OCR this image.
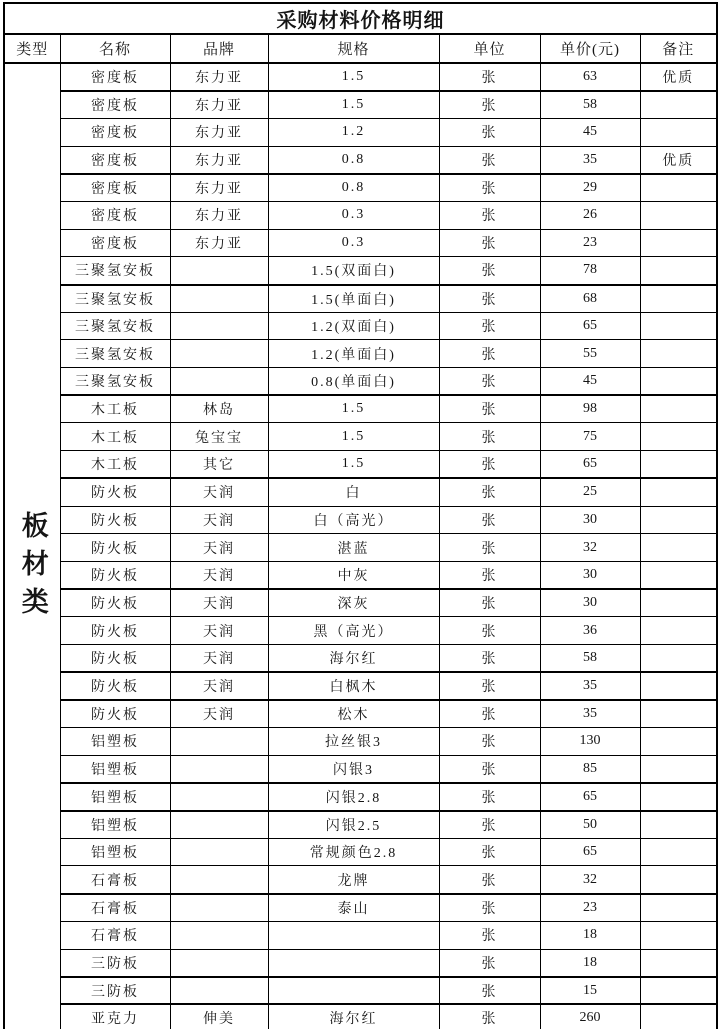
采购材料价格明细						
类型	名称	品牌	规格	单位	单价(元)	备注

板材类	密度板	东力亚	1.5	张	63	优质
	密度板	东力亚	1.5	张	58	
	密度板	东力亚	1.2	张	45	
	密度板	东力亚	0.8	张	35	优质
	密度板	东力亚	0.8	张	29	
	密度板	东力亚	0.3	张	26	
	密度板	东力亚	0.3	张	23	
	三聚氢安板		1.5(双面白)	张	78	
	三聚氢安板		1.5(单面白)	张	68	
	三聚氢安板		1.2(双面白)	张	65	
	三聚氢安板		1.2(单面白)	张	55	
	三聚氢安板		0.8(单面白)	张	45	
	木工板	林岛	1.5	张	98	
	木工板	兔宝宝	1.5	张	75	
	木工板	其它	1.5	张	65	
	防火板	天润	白	张	25	
	防火板	天润	白（高光）	张	30	
	防火板	天润	湛蓝	张	32	
	防火板	天润	中灰	张	30	
	防火板	天润	深灰	张	30	
	防火板	天润	黑（高光）	张	36	
	防火板	天润	海尔红	张	58	
	防火板	天润	白枫木	张	35	
	防火板	天润	松木	张	35	
	铝塑板		拉丝银3	张	130	
	铝塑板		闪银3	张	85	
	铝塑板		闪银2.8	张	65	
	铝塑板		闪银2.5	张	50	
	铝塑板		常规颜色2.8	张	65	
	石膏板		龙牌	张	32	
	石膏板		泰山	张	23	
	石膏板			张	18	
	三防板			张	18	
	三防板			张	15	
	亚克力	伸美	海尔红	张	260	
